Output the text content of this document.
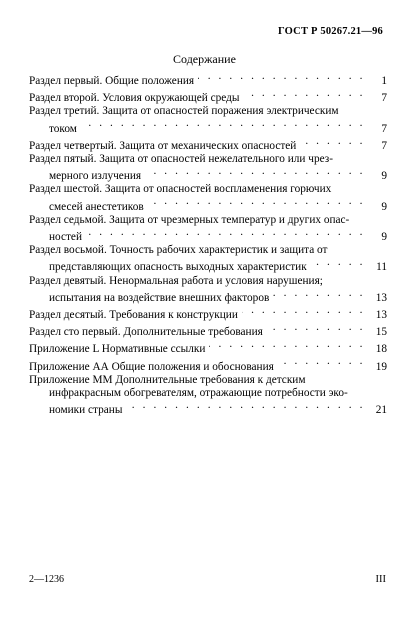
ГОСТ Р 50267.21—96
Содержание
Раздел первый. Общие положения . . .	1
Раздел второй. Условия окружающей среды . . .	7
Раздел третий. Защита от опасностей поражения электрическим
током . . .	7
Раздел четвертый. Защита от механических опасностей . . .	7
Раздел пятый. Защита от опасностей нежелательного или чрез-
мерного излучения . . .	9
Раздел шестой. Защита от опасностей воспламенения горючих
смесей анестетиков . . .	9
Раздел седьмой. Защита от чрезмерных температур и других опас-
ностей . . .	9
Раздел восьмой. Точность рабочих характеристик и защита от
представляющих опасность выходных характеристик . . .	11
Раздел девятый. Ненормальная работа и условия нарушения;
испытания на воздействие внешних факторов . . .	13
Раздел десятый. Требования к конструкции . . .	13
Раздел сто первый. Дополнительные требования . . .	15
Приложение L Нормативные ссылки . . .	18
Приложение АА Общие положения и обоснования . . .	19
Приложение ММ Дополнительные требования к детским
инфракрасным обогревателям, отражающие потребности эко-
номики страны . . .	21
2—1236	III
